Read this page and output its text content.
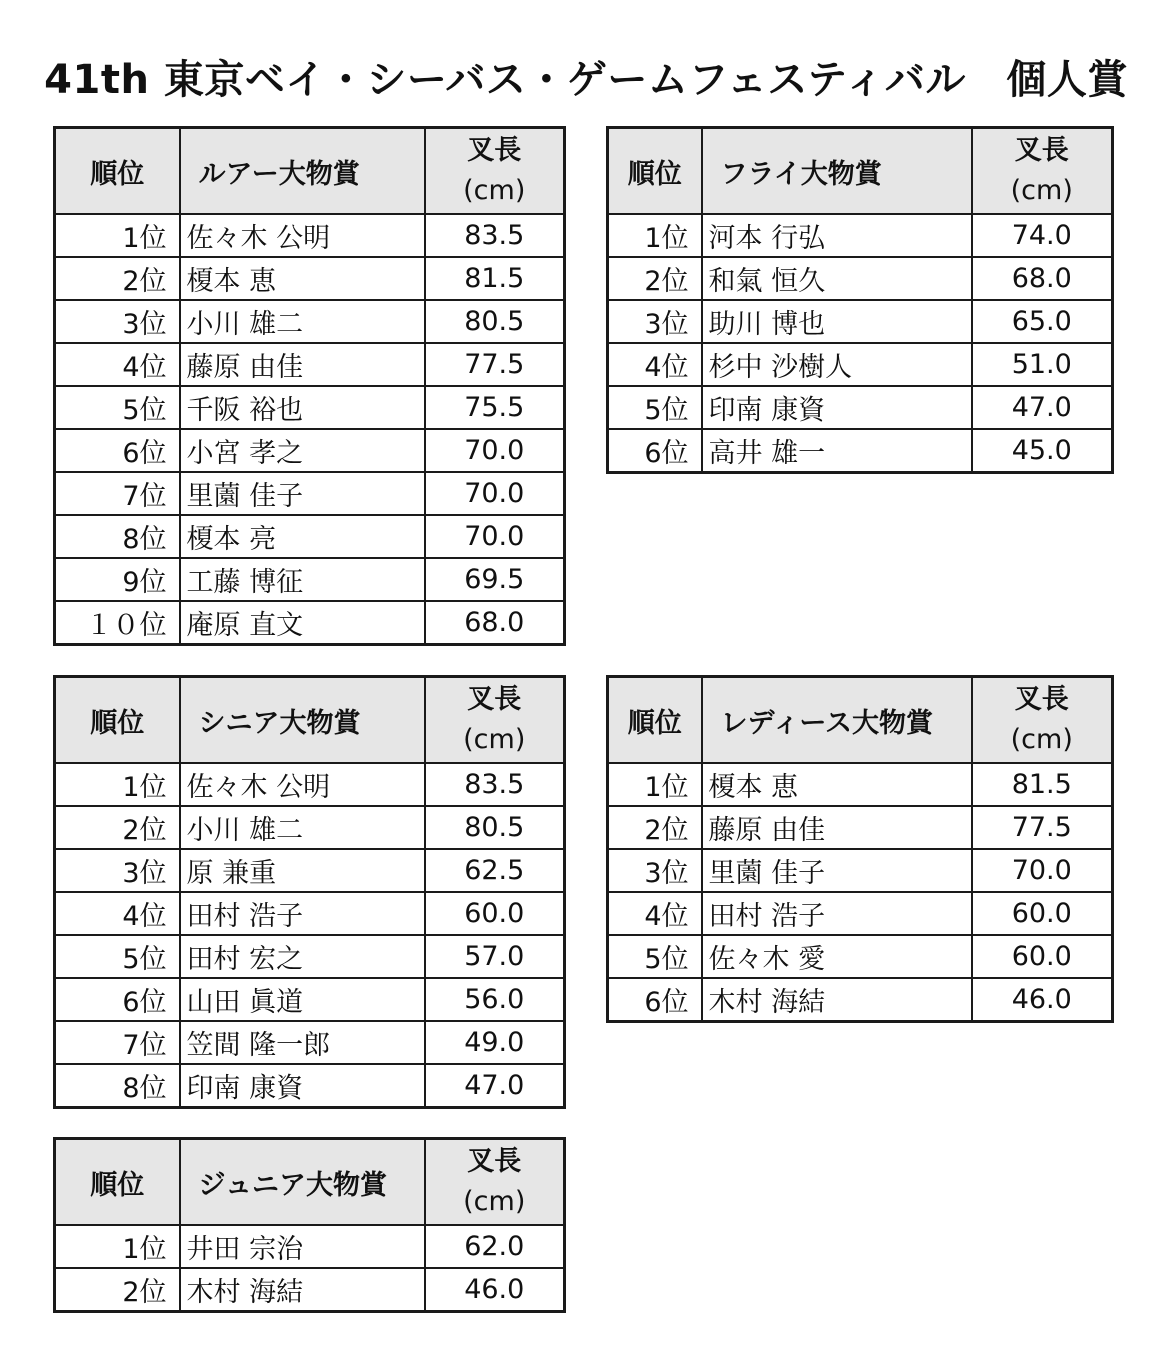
41th 東京ベイ・シーバス・ゲームフェスティバル　個人賞
順位	ルアー大物賞	叉長
(cm)

1位	佐々木 公明	83.5
2位	榎本 恵	81.5
3位	小川 雄二	80.5
4位	藤原 由佳	77.5
5位	千阪 裕也	75.5
6位	小宮 孝之	70.0
7位	里薗 佳子	70.0
8位	榎本 亮	70.0
9位	工藤 博征	69.5
１０位	庵原 直文	68.0
順位	フライ大物賞	叉長
(cm)

1位	河本 行弘	74.0
2位	和氣 恒久	68.0
3位	助川 博也	65.0
4位	杉中 沙樹人	51.0
5位	印南 康資	47.0
6位	高井 雄一	45.0
順位	シニア大物賞	叉長
(cm)

1位	佐々木 公明	83.5
2位	小川 雄二	80.5
3位	原 兼重	62.5
4位	田村 浩子	60.0
5位	田村 宏之	57.0
6位	山田 眞道	56.0
7位	笠間 隆一郎	49.0
8位	印南 康資	47.0
順位	レディース大物賞	叉長
(cm)

1位	榎本 恵	81.5
2位	藤原 由佳	77.5
3位	里薗 佳子	70.0
4位	田村 浩子	60.0
5位	佐々木 愛	60.0
6位	木村 海結	46.0
順位	ジュニア大物賞	叉長
(cm)

1位	井田 宗治	62.0
2位	木村 海結	46.0
